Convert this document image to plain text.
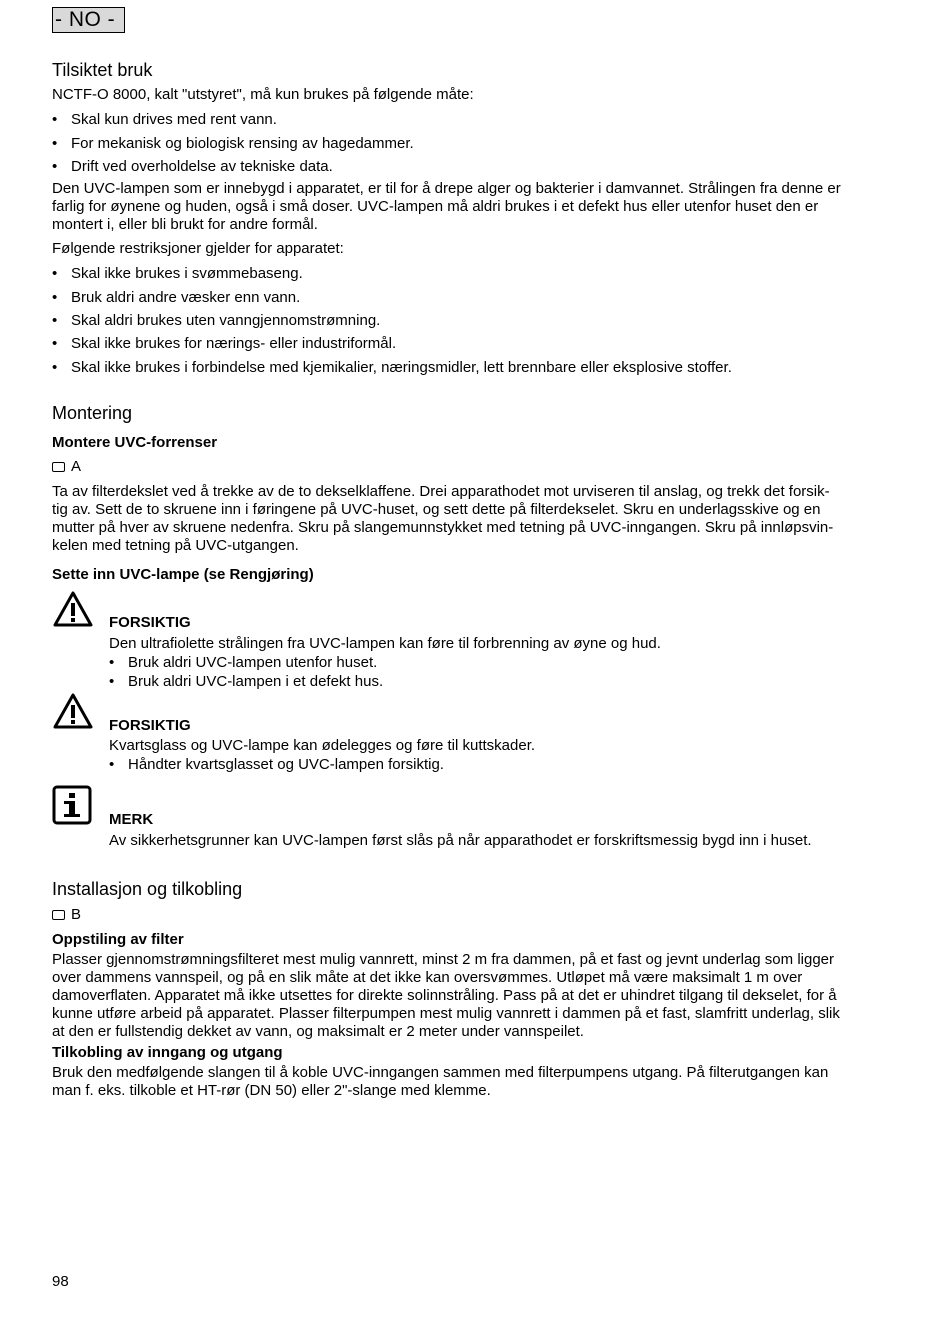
- NO -
Tilsiktet bruk
NCTF-O 8000, kalt "utstyret", må kun brukes på følgende måte:
• Skal kun drives med rent vann.
• For mekanisk og biologisk rensing av hagedammer.
• Drift ved overholdelse av tekniske data.
Den UVC-lampen som er innebygd i apparatet, er til for å drepe alger og bakterier i damvannet. Strålingen fra denne er
farlig for øynene og huden, også i små doser. UVC-lampen må aldri brukes i et defekt hus eller utenfor huset den er
montert i, eller bli brukt for andre formål.
Følgende restriksjoner gjelder for apparatet:
• Skal ikke brukes i svømmebaseng.
• Bruk aldri andre væsker enn vann.
• Skal aldri brukes uten vanngjennomstrømning.
• Skal ikke brukes for nærings- eller industriformål.
• Skal ikke brukes i forbindelse med kjemikalier, næringsmidler, lett brennbare eller eksplosive stoffer.
Montering
Montere UVC-forrenser
A
Ta av filterdekslet ved å trekke av de to dekselklaffene. Drei apparathodet mot urviseren til anslag, og trekk det forsik-
tig av. Sett de to skruene inn i føringene på UVC-huset, og sett dette på filterdekselet. Skru en underlagsskive og en
mutter på hver av skruene nedenfra. Skru på slangemunnstykket med tetning på UVC-inngangen. Skru på innløpsvin-
kelen med tetning på UVC-utgangen.
Sette inn UVC-lampe (se Rengjøring)
FORSIKTIG
Den ultrafiolette strålingen fra UVC-lampen kan føre til forbrenning av øyne og hud.
• Bruk aldri UVC-lampen utenfor huset.
• Bruk aldri UVC-lampen i et defekt hus.
FORSIKTIG
Kvartsglass og UVC-lampe kan ødelegges og føre til kuttskader.
• Håndter kvartsglasset og UVC-lampen forsiktig.
MERK
Av sikkerhetsgrunner kan UVC-lampen først slås på når apparathodet er forskriftsmessig bygd inn i huset.
Installasjon og tilkobling
B
Oppstiling av filter
Plasser gjennomstrømningsfilteret mest mulig vannrett, minst 2 m fra dammen, på et fast og jevnt underlag som ligger
over dammens vannspeil, og på en slik måte at det ikke kan oversvømmes. Utløpet må være maksimalt 1 m over
damoverflaten. Apparatet må ikke utsettes for direkte solinnstråling. Pass på at det er uhindret tilgang til dekselet, for å
kunne utføre arbeid på apparatet. Plasser filterpumpen mest mulig vannrett i dammen på et fast, slamfritt underlag, slik
at den er fullstendig dekket av vann, og maksimalt er 2 meter under vannspeilet.
Tilkobling av inngang og utgang
Bruk den medfølgende slangen til å koble UVC-inngangen sammen med filterpumpens utgang. På filterutgangen kan
man f. eks. tilkoble et HT-rør (DN 50) eller 2"-slange med klemme.
98
